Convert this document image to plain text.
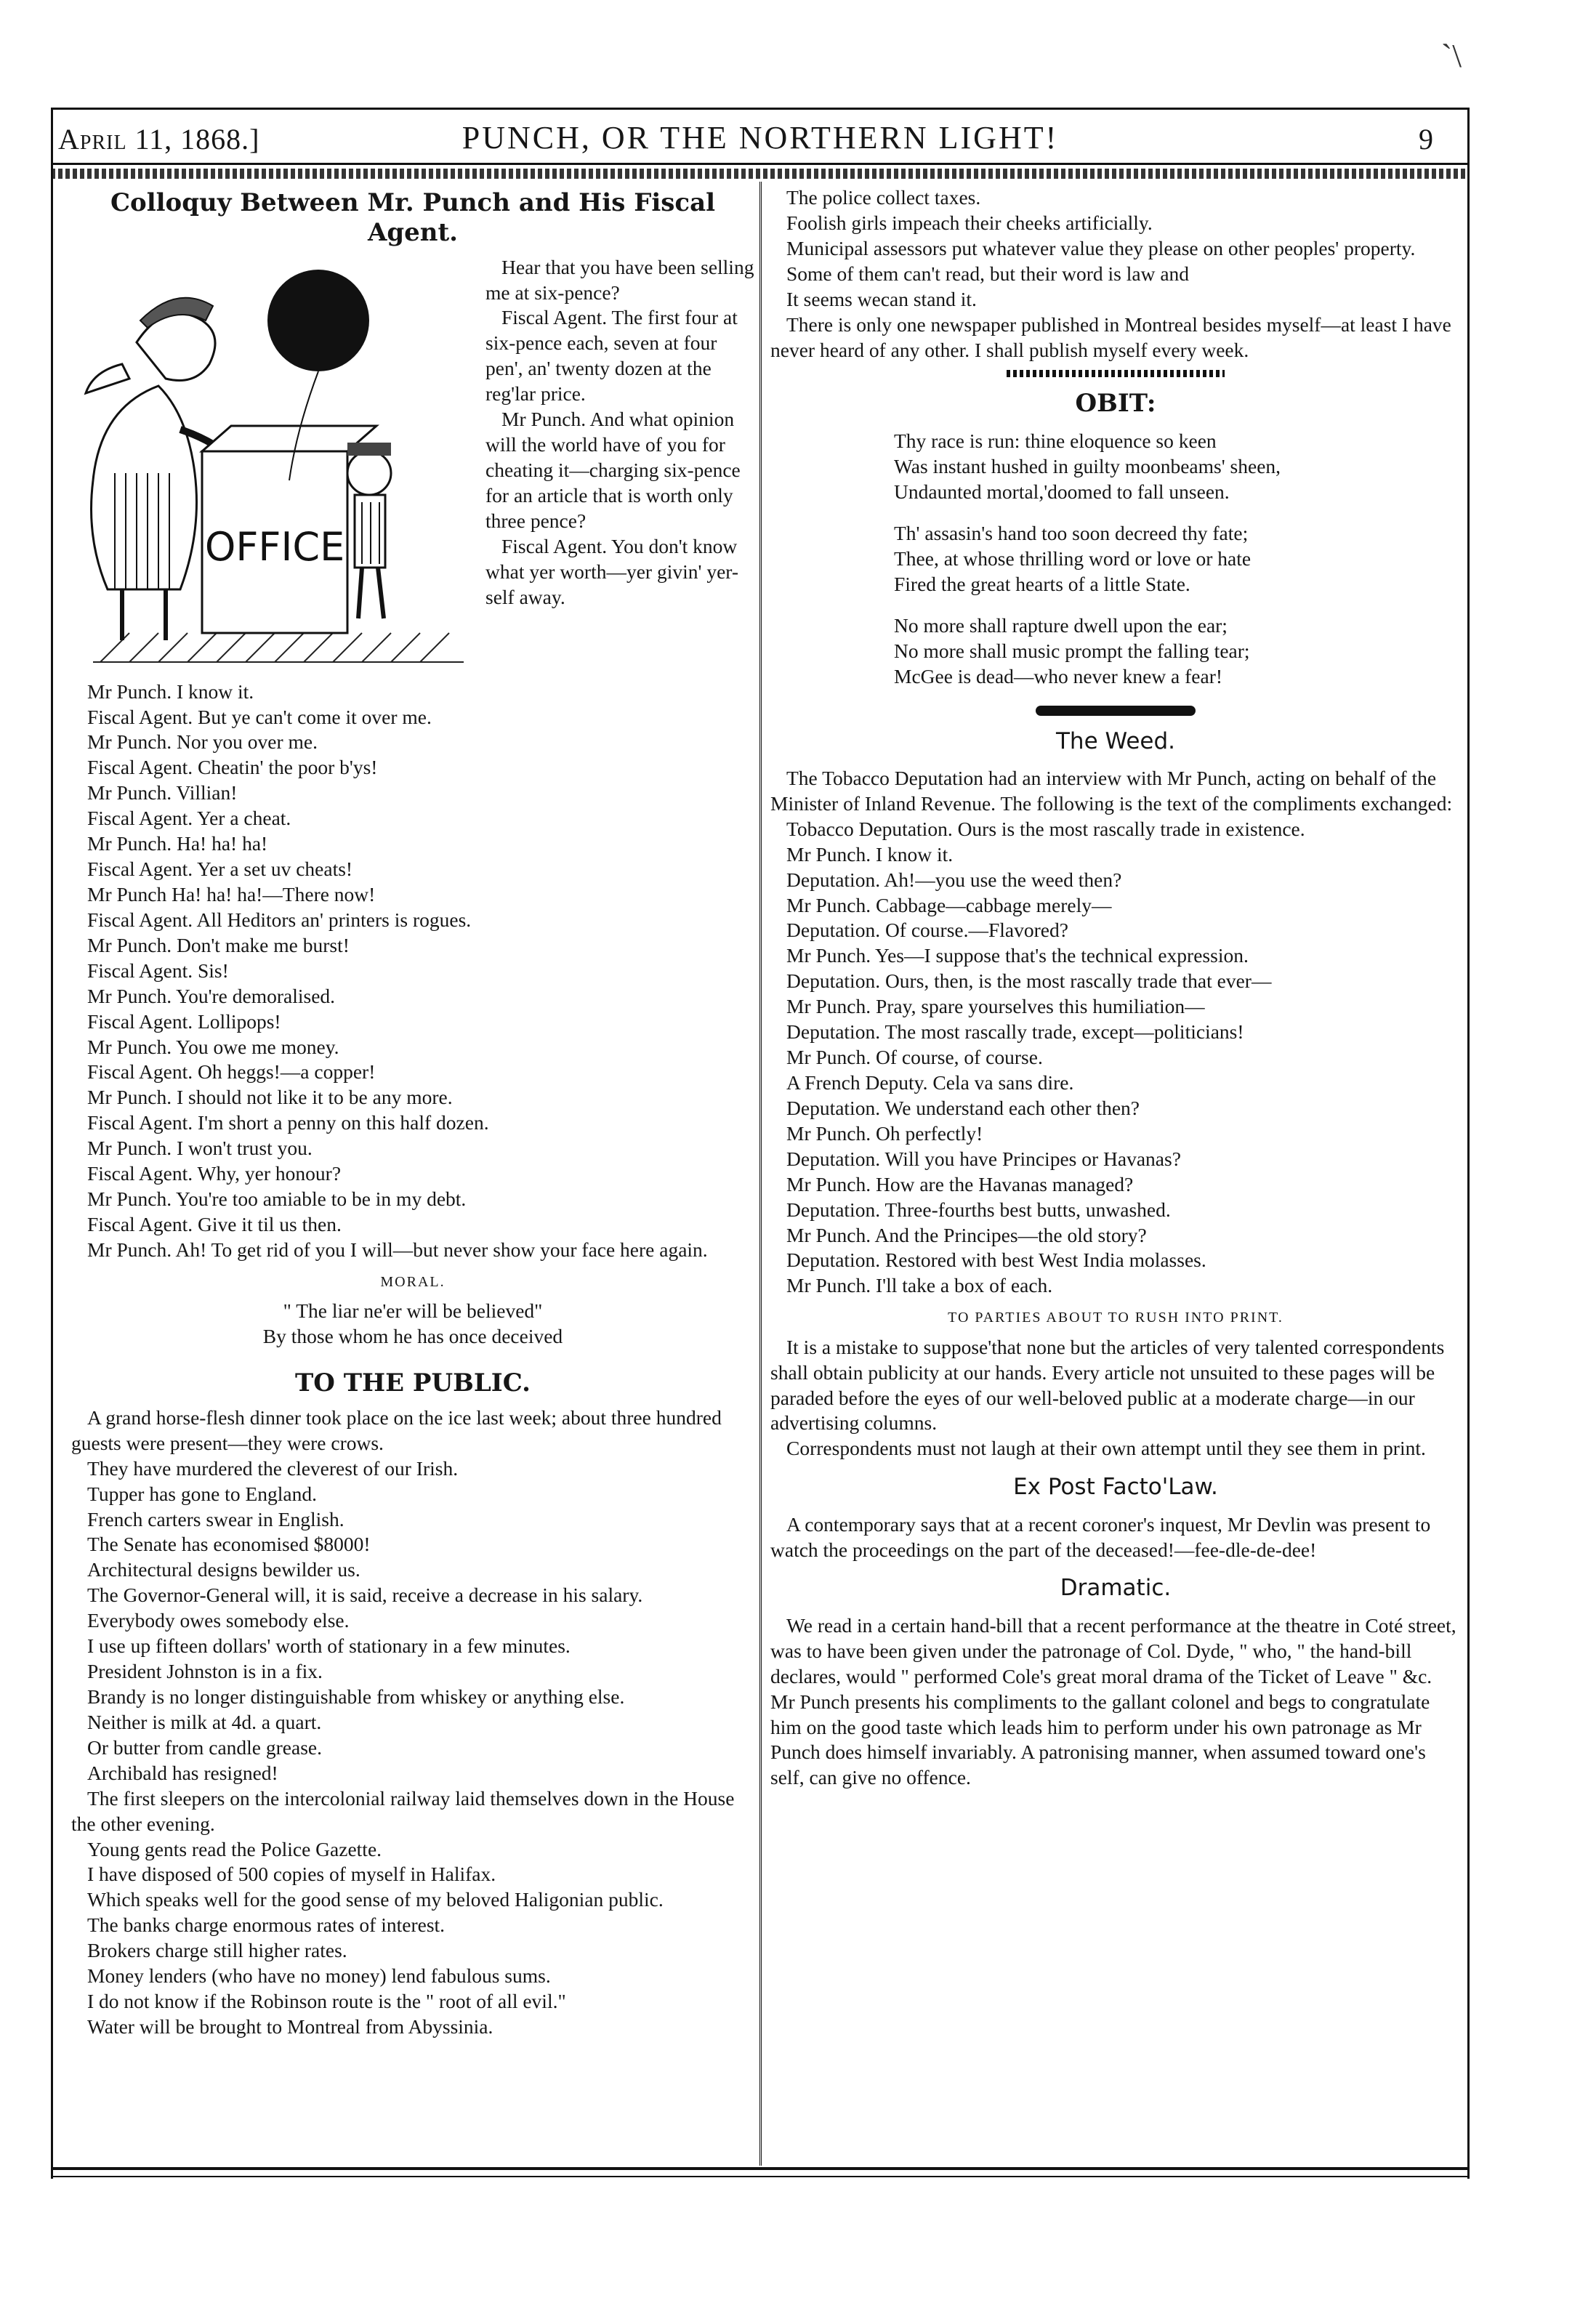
`\
April 11, 1868.]	PUNCH, OR THE NORTHERN LIGHT!	9
Colloquy Between Mr. Punch and His Fiscal Agent.
OFFICE

Hear that you have been selling me at six-pence?

Fiscal Agent. The first four at six-pence each, seven at four pen', an' twenty dozen at the reg'lar price.

Mr Punch. And what opinion will the world have of you for cheating it—charging six-pence for an article that is worth only three pence?

Fiscal Agent. You don't know what yer worth—yer givin' yer-self away.

Mr Punch. I know it.

Fiscal Agent. But ye can't come it over me.

Mr Punch. Nor you over me.

Fiscal Agent. Cheatin' the poor b'ys!

Mr Punch. Villian!

Fiscal Agent. Yer a cheat.

Mr Punch. Ha! ha! ha!

Fiscal Agent. Yer a set uv cheats!

Mr Punch Ha! ha! ha!—There now!

Fiscal Agent. All Heditors an' printers is rogues.

Mr Punch. Don't make me burst!

Fiscal Agent. Sis!

Mr Punch. You're demoralised.

Fiscal Agent. Lollipops!

Mr Punch. You owe me money.

Fiscal Agent. Oh heggs!—a copper!

Mr Punch. I should not like it to be any more.

Fiscal Agent. I'm short a penny on this half dozen.

Mr Punch. I won't trust you.

Fiscal Agent. Why, yer honour?

Mr Punch. You're too amiable to be in my debt.

Fiscal Agent. Give it til us then.

Mr Punch. Ah! To get rid of you I will—but never show your face here again.

MORAL.

" The liar ne'er will be believed"

By those whom he has once deceived

TO THE PUBLIC.

A grand horse-flesh dinner took place on the ice last week; about three hundred guests were present—they were crows.

They have murdered the cleverest of our Irish.

Tupper has gone to England.

French carters swear in English.

The Senate has economised $8000!

Architectural designs bewilder us.

The Governor-General will, it is said, receive a decrease in his salary.

Everybody owes somebody else.

I use up fifteen dollars' worth of stationary in a few minutes.

President Johnston is in a fix.

Brandy is no longer distinguishable from whiskey or anything else.

Neither is milk at 4d. a quart.

Or butter from candle grease.

Archibald has resigned!

The first sleepers on the intercolonial railway laid themselves down in the House the other evening.

Young gents read the Police Gazette.

I have disposed of 500 copies of myself in Halifax.

Which speaks well for the good sense of my beloved Haligonian public.

The banks charge enormous rates of interest.

Brokers charge still higher rates.

Money lenders (who have no money) lend fabulous sums.

I do not know if the Robinson route is the " root of all evil."

Water will be brought to Montreal from Abyssinia.

The police collect taxes.

Foolish girls impeach their cheeks artificially.

Municipal assessors put whatever value they please on other peoples' property.

Some of them can't read, but their word is law and

It seems wecan stand it.

There is only one newspaper published in Montreal besides myself—at least I have never heard of any other. I shall publish myself every week.

OBIT:

Thy race is run: thine eloquence so keen

Was instant hushed in guilty moonbeams' sheen,

Undaunted mortal,'doomed to fall unseen.

Th' assasin's hand too soon decreed thy fate;

Thee, at whose thrilling word or love or hate

Fired the great hearts of a little State.

No more shall rapture dwell upon the ear;

No more shall music prompt the falling tear;

McGee is dead—who never knew a fear!

The Weed.

The Tobacco Deputation had an interview with Mr Punch, acting on behalf of the Minister of Inland Revenue. The following is the text of the compliments exchanged:

Tobacco Deputation. Ours is the most rascally trade in existence.

Mr Punch. I know it.

Deputation. Ah!—you use the weed then?

Mr Punch. Cabbage—cabbage merely—

Deputation. Of course.—Flavored?

Mr Punch. Yes—I suppose that's the technical expression.

Deputation. Ours, then, is the most rascally trade that ever—

Mr Punch. Pray, spare yourselves this humiliation—

Deputation. The most rascally trade, except—politicians!

Mr Punch. Of course, of course.

A French Deputy. Cela va sans dire.

Deputation. We understand each other then?

Mr Punch. Oh perfectly!

Deputation. Will you have Principes or Havanas?

Mr Punch. How are the Havanas managed?

Deputation. Three-fourths best butts, unwashed.

Mr Punch. And the Principes—the old story?

Deputation. Restored with best West India molasses.

Mr Punch. I'll take a box of each.

TO PARTIES ABOUT TO RUSH INTO PRINT.

It is a mistake to suppose'that none but the articles of very talented correspondents shall obtain publicity at our hands. Every article not unsuited to these pages will be paraded before the eyes of our well-beloved public at a moderate charge—in our advertising columns.

Correspondents must not laugh at their own attempt until they see them in print.

Ex Post Facto'Law.

A contemporary says that at a recent coroner's inquest, Mr Devlin was present to watch the proceedings on the part of the deceased!—fee-dle-de-dee!

Dramatic.

We read in a certain hand-bill that a recent performance at the theatre in Coté street, was to have been given under the patronage of Col. Dyde, " who, " the hand-bill declares, would " performed Cole's great moral drama of the Ticket of Leave " &c. Mr Punch presents his compliments to the gallant colonel and begs to congratulate him on the good taste which leads him to perform under his own patronage as Mr Punch does himself invariably. A patronising manner, when assumed toward one's self, can give no offence.
